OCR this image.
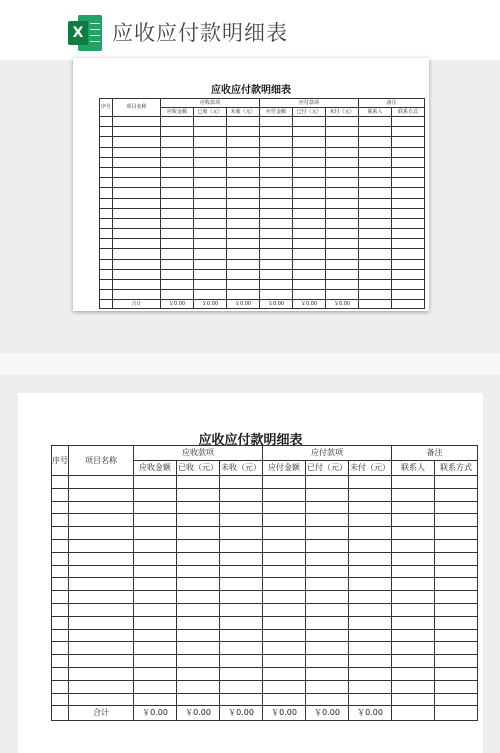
X 应收应付款明细表
应收应付款明细表
序号	项目名称	应收款项			应付款项			备注	
		应收金额	已收（元）	未收（元）	应付金额	已付（元）	未付（元）	联系人	联系方式

	合计	￥0.00	￥0.00	￥0.00	￥0.00	￥0.00	￥0.00		
应收应付款明细表
序号	项目名称	应收款项			应付款项			备注	
		应收金额	已收（元）	未收（元）	应付金额	已付（元）	未付（元）	联系人	联系方式

	合计	￥0.00	￥0.00	￥0.00	￥0.00	￥0.00	￥0.00		
